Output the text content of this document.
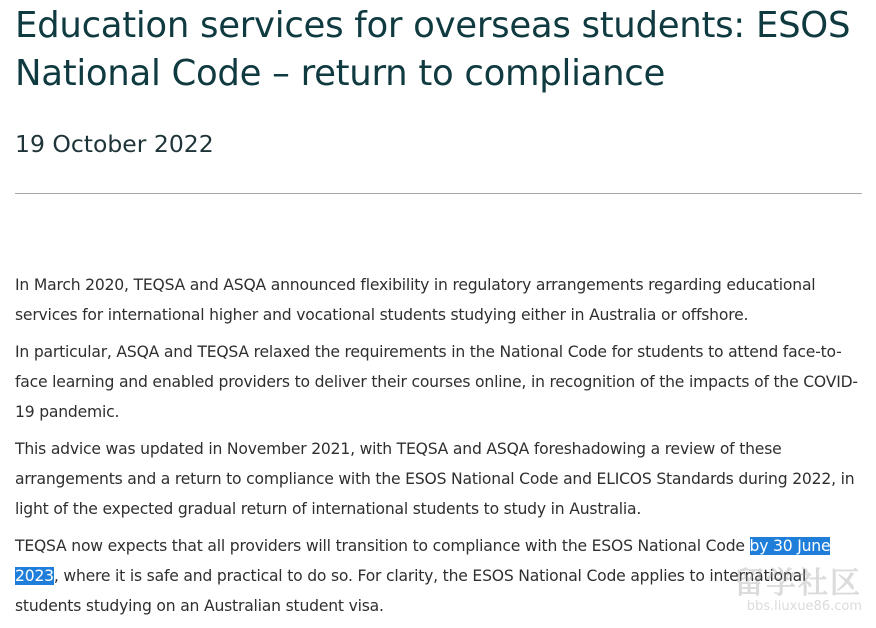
Education services for overseas students: ESOS National Code – return to compliance
19 October 2022

In March 2020, TEQSA and ASQA announced flexibility in regulatory arrangements regarding educational services for international higher and vocational students studying either in Australia or offshore.

In particular, ASQA and TEQSA relaxed the requirements in the National Code for students to attend face-to-face learning and enabled providers to deliver their courses online, in recognition of the impacts of the COVID-19 pandemic.

This advice was updated in November 2021, with TEQSA and ASQA foreshadowing a review of these arrangements and a return to compliance with the ESOS National Code and ELICOS Standards during 2022, in light of the expected gradual return of international students to study in Australia.

TEQSA now expects that all providers will transition to compliance with the ESOS National Code by 30 June 2023, where it is safe and practical to do so. For clarity, the ESOS National Code applies to international students studying on an Australian student visa.

留学社区
bbs.liuxue86.com
